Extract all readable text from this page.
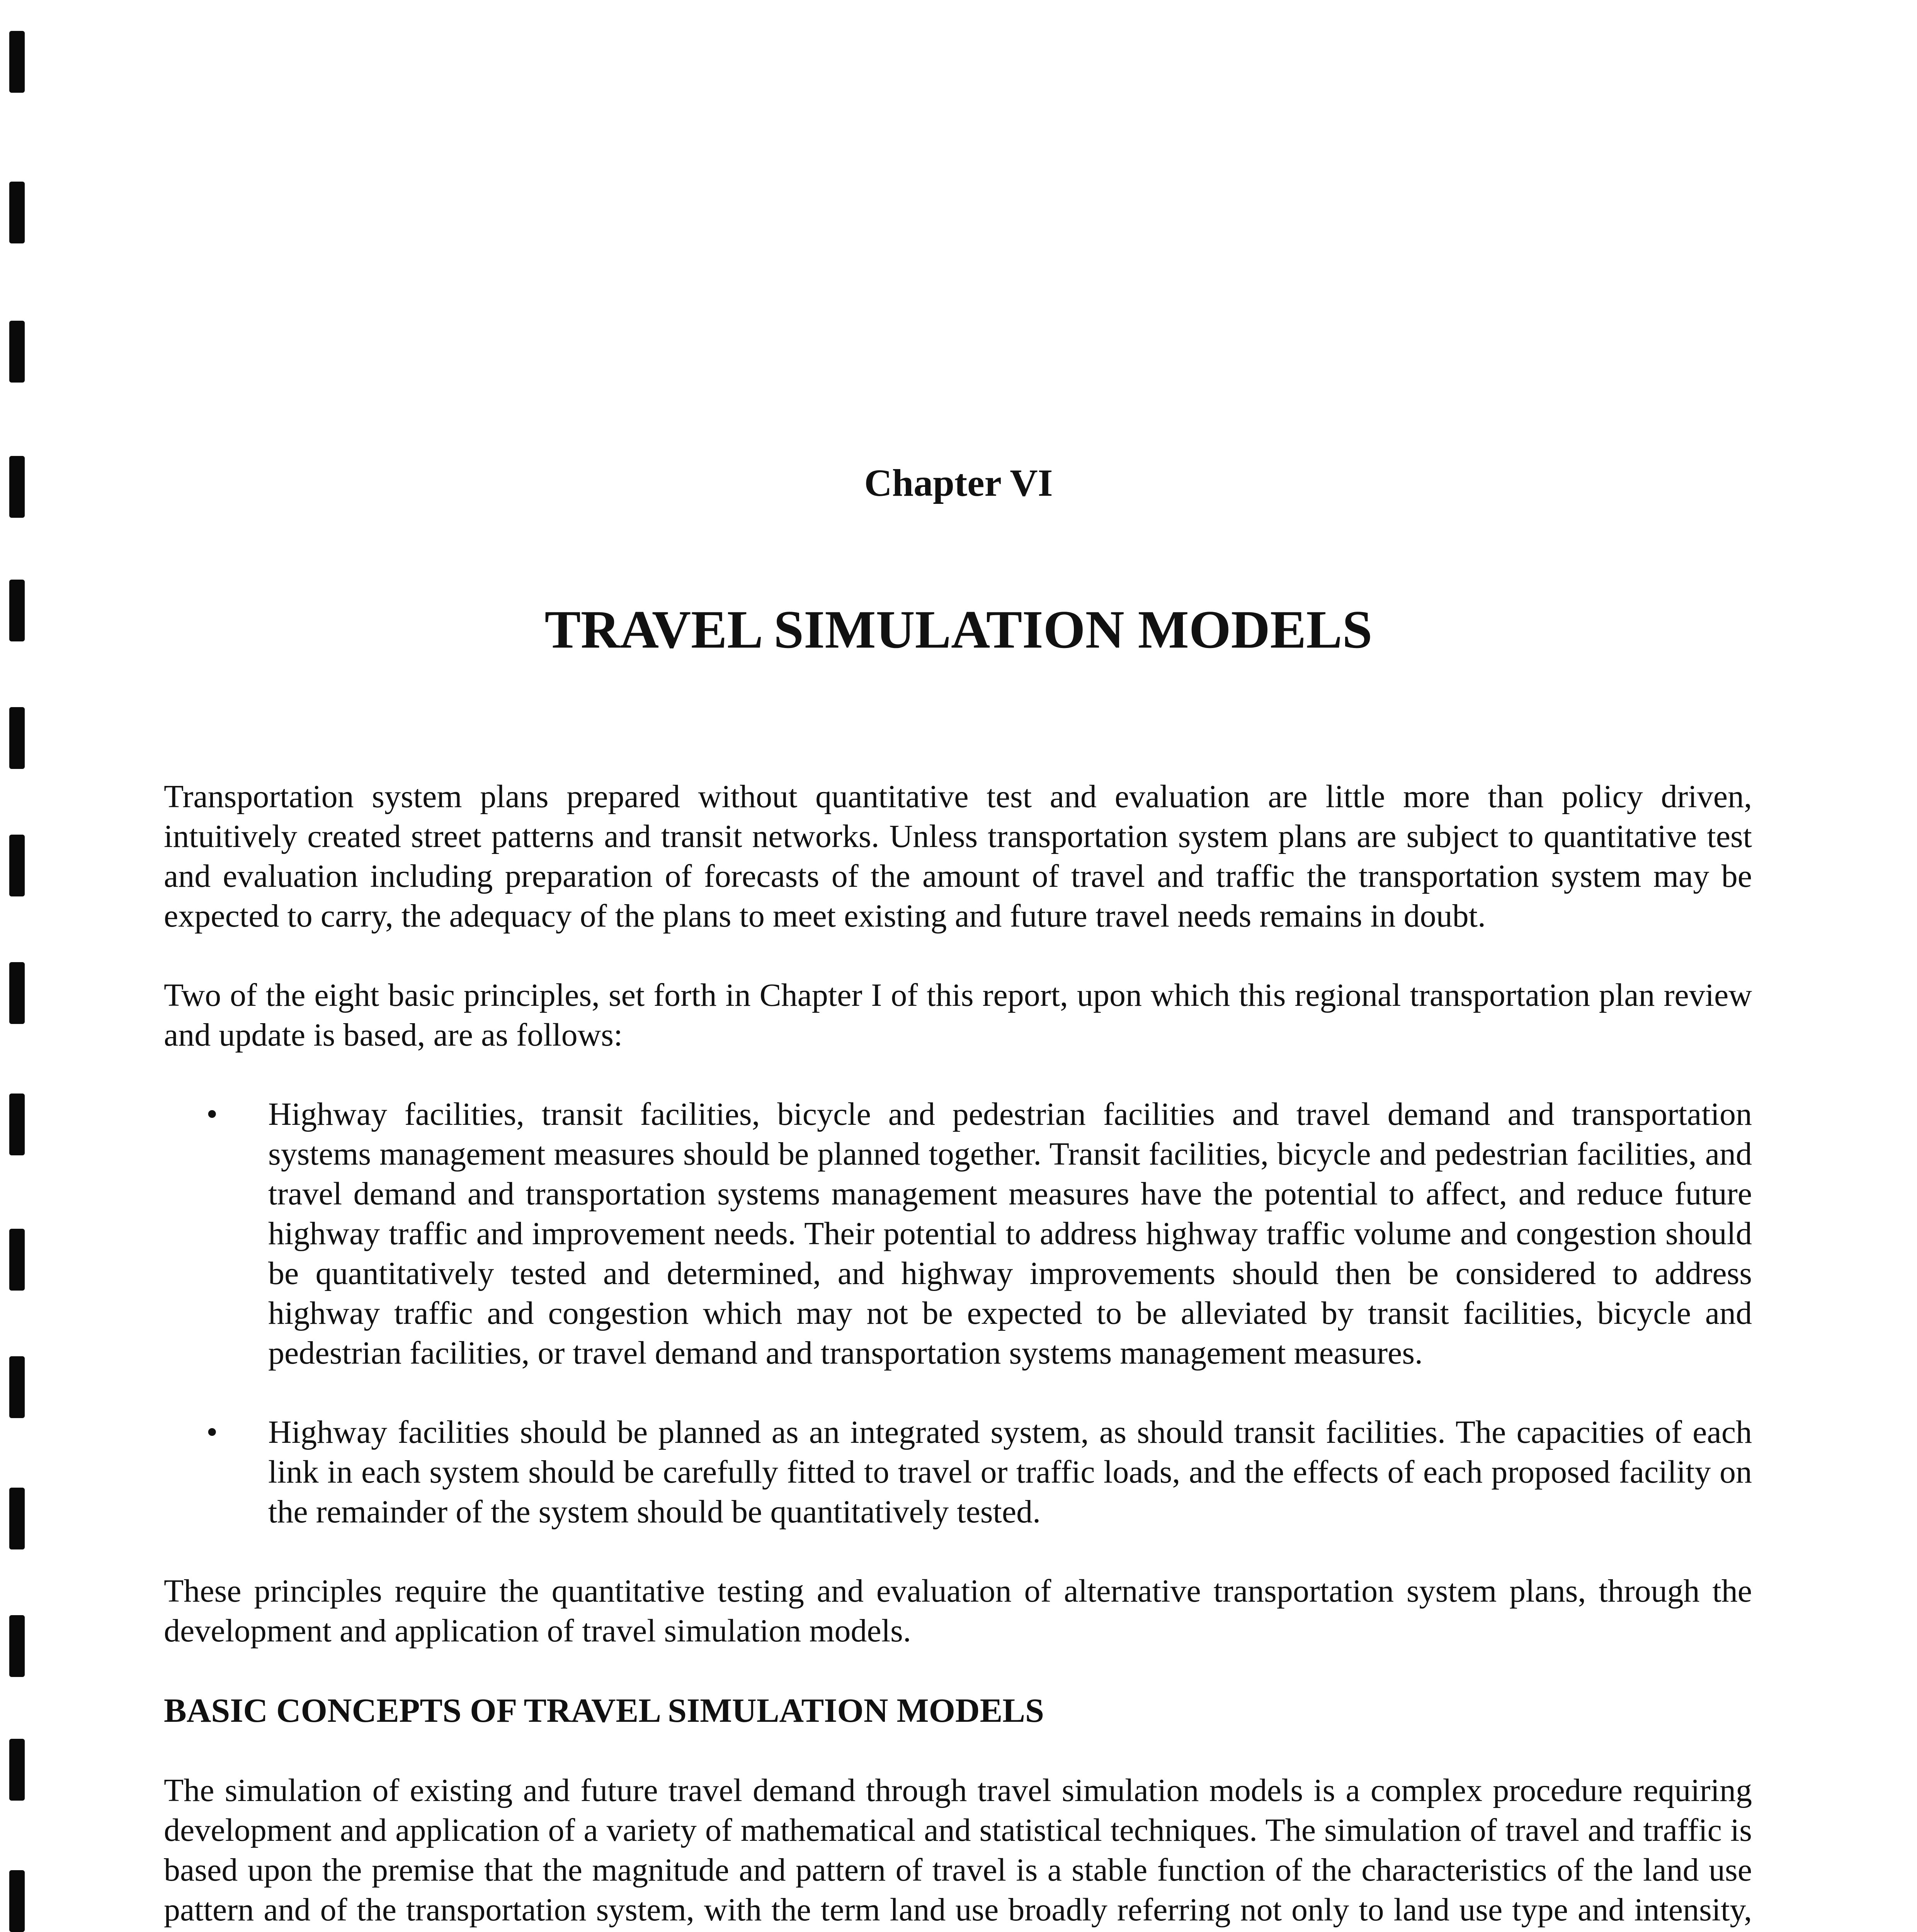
Chapter VI
TRAVEL SIMULATION MODELS

Transportation system plans prepared without quantitative test and evaluation are little more than policy driven, intuitively created street patterns and transit networks. Unless transportation system plans are subject to quantitative test and evaluation including preparation of forecasts of the amount of travel and traffic the transportation system may be expected to carry, the adequacy of the plans to meet existing and future travel needs remains in doubt.

Two of the eight basic principles, set forth in Chapter I of this report, upon which this regional transportation plan review and update is based, are as follows:

• Highway facilities, transit facilities, bicycle and pedestrian facilities and travel demand and transportation systems management measures should be planned together. Transit facilities, bicycle and pedestrian facilities, and travel demand and transportation systems management measures have the potential to affect, and reduce future highway traffic and improvement needs. Their potential to address highway traffic volume and congestion should be quantitatively tested and determined, and highway improvements should then be considered to address highway traffic and congestion which may not be expected to be alleviated by transit facilities, bicycle and pedestrian facilities, or travel demand and transportation systems management measures.
• Highway facilities should be planned as an integrated system, as should transit facilities. The capacities of each link in each system should be carefully fitted to travel or traffic loads, and the effects of each proposed facility on the remainder of the system should be quantitatively tested.

These principles require the quantitative testing and evaluation of alternative transportation system plans, through the development and application of travel simulation models.

BASIC CONCEPTS OF TRAVEL SIMULATION MODELS

The simulation of existing and future travel demand through travel simulation models is a complex procedure requiring development and application of a variety of mathematical and statistical techniques. The simulation of travel and traffic is based upon the premise that the magnitude and pattern of travel is a stable function of the characteristics of the land use pattern and of the transportation system, with the term land use broadly referring not only to land use type and intensity,
